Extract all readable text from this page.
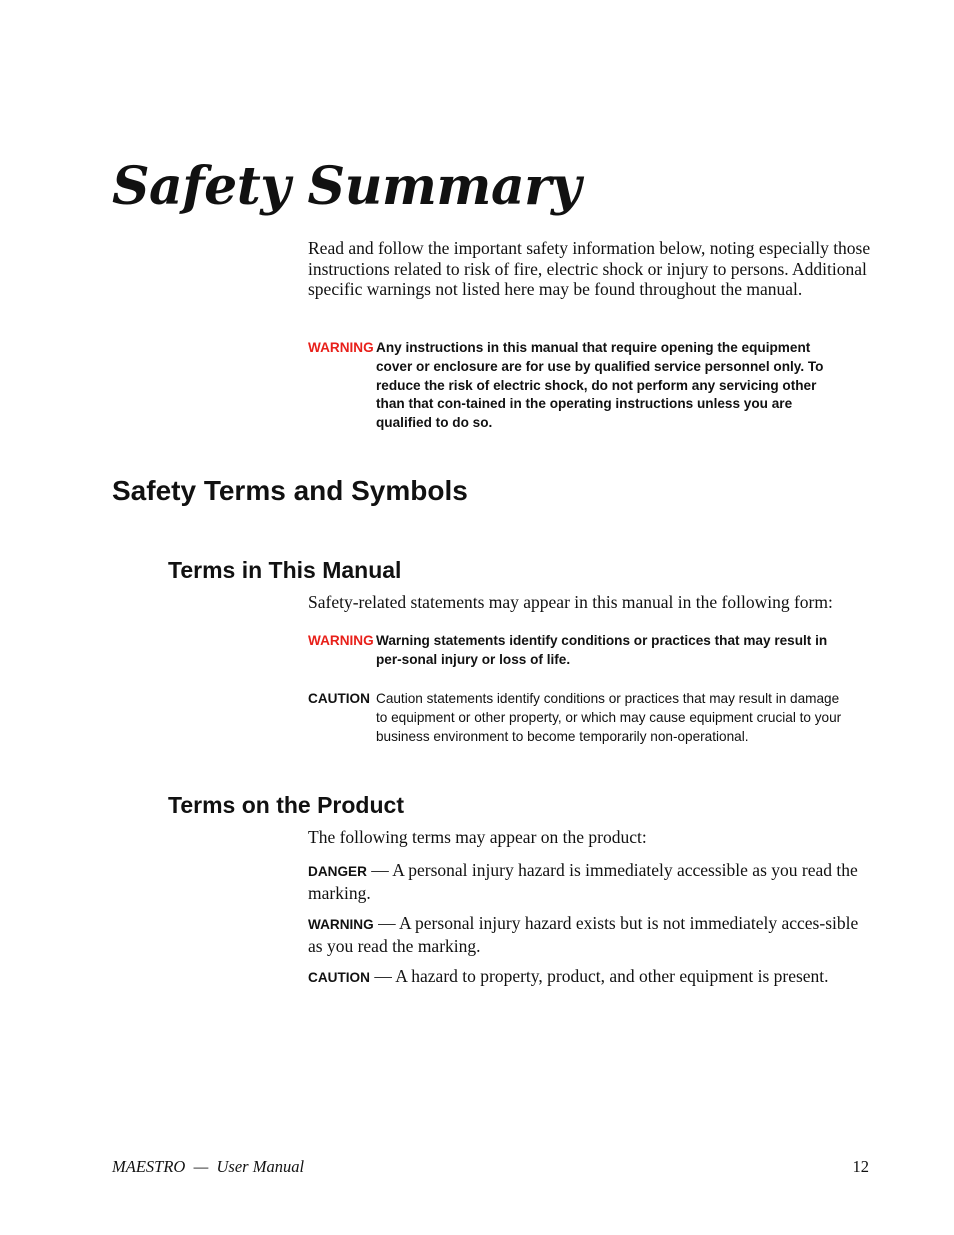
Safety Summary

Read and follow the important safety information below, noting especially those instructions related to risk of fire, electric shock or injury to persons. Additional specific warnings not listed here may be found throughout the manual.

WARNING Any instructions in this manual that require opening the equipment cover or enclosure are for use by qualified service personnel only. To reduce the risk of electric shock, do not perform any servicing other than that con-tained in the operating instructions unless you are qualified to do so.
Safety Terms and Symbols
Terms in This Manual

Safety-related statements may appear in this manual in the following form:

WARNING Warning statements identify conditions or practices that may result in per-sonal injury or loss of life.
CAUTION Caution statements identify conditions or practices that may result in damage to equipment or other property, or which may cause equipment crucial to your business environment to become temporarily non-operational.
Terms on the Product

The following terms may appear on the product:

DANGER — A personal injury hazard is immediately accessible as you read the marking.

WARNING — A personal injury hazard exists but is not immediately acces-sible as you read the marking.

CAUTION — A hazard to property, product, and other equipment is present.

MAESTRO  —  User Manual	12
